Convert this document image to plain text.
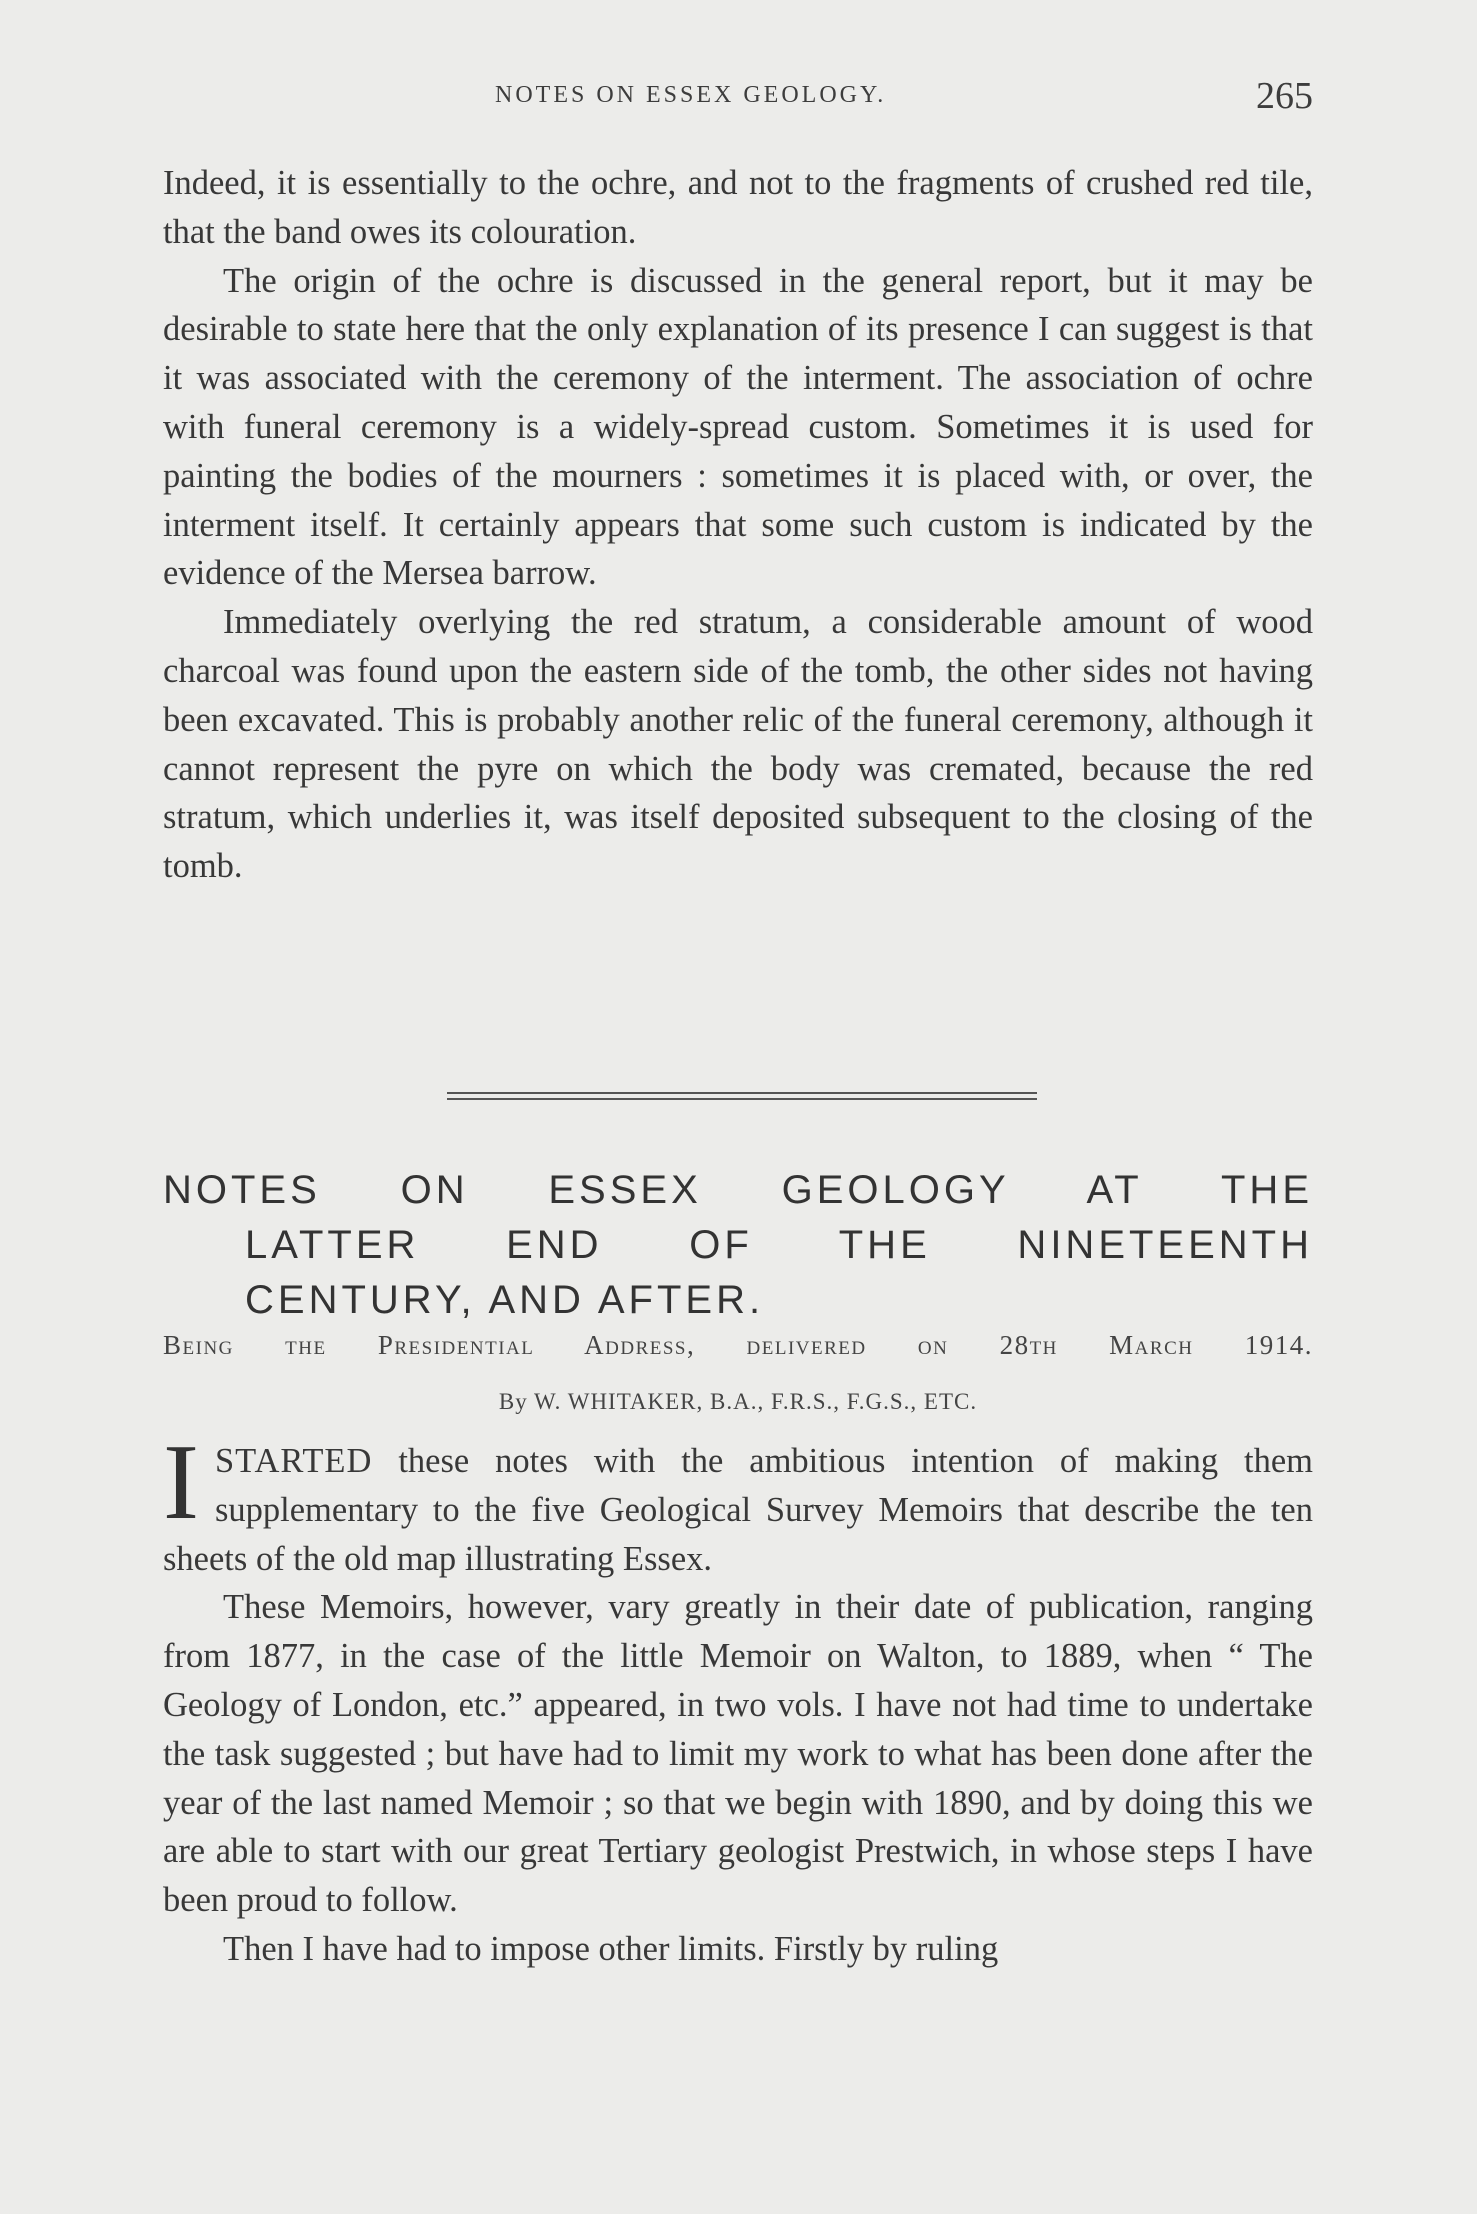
NOTES ON ESSEX GEOLOGY.	265

Indeed, it is essentially to the ochre, and not to the fragments of crushed red tile, that the band owes its colouration.

The origin of the ochre is discussed in the general report, but it may be desirable to state here that the only explanation of its presence I can suggest is that it was associated with the ceremony of the interment. The association of ochre with funeral ceremony is a widely-spread custom. Sometimes it is used for painting the bodies of the mourners : sometimes it is placed with, or over, the interment itself. It certainly appears that some such custom is indicated by the evidence of the Mersea barrow.

Immediately overlying the red stratum, a considerable amount of wood charcoal was found upon the eastern side of the tomb, the other sides not having been excavated. This is probably another relic of the funeral ceremony, although it cannot represent the pyre on which the body was cremated, because the red stratum, which underlies it, was itself deposited subsequent to the closing of the tomb.

NOTES ON ESSEX GEOLOGY AT THE
LATTER END OF THE NINETEENTH
CENTURY, AND AFTER.
Being the Presidential Address, delivered on 28th March 1914.
By W. WHITAKER, B.A., F.R.S., F.G.S., ETC.

ISTARTED these notes with the ambitious intention of making them supplementary to the five Geological Survey Memoirs that describe the ten sheets of the old map illustrating Essex.

These Memoirs, however, vary greatly in their date of publication, ranging from 1877, in the case of the little Memoir on Walton, to 1889, when “ The Geology of London, etc.” appeared, in two vols. I have not had time to undertake the task suggested ; but have had to limit my work to what has been done after the year of the last named Memoir ; so that we begin with 1890, and by doing this we are able to start with our great Tertiary geologist Prestwich, in whose steps I have been proud to follow.

Then I have had to impose other limits. Firstly by ruling
